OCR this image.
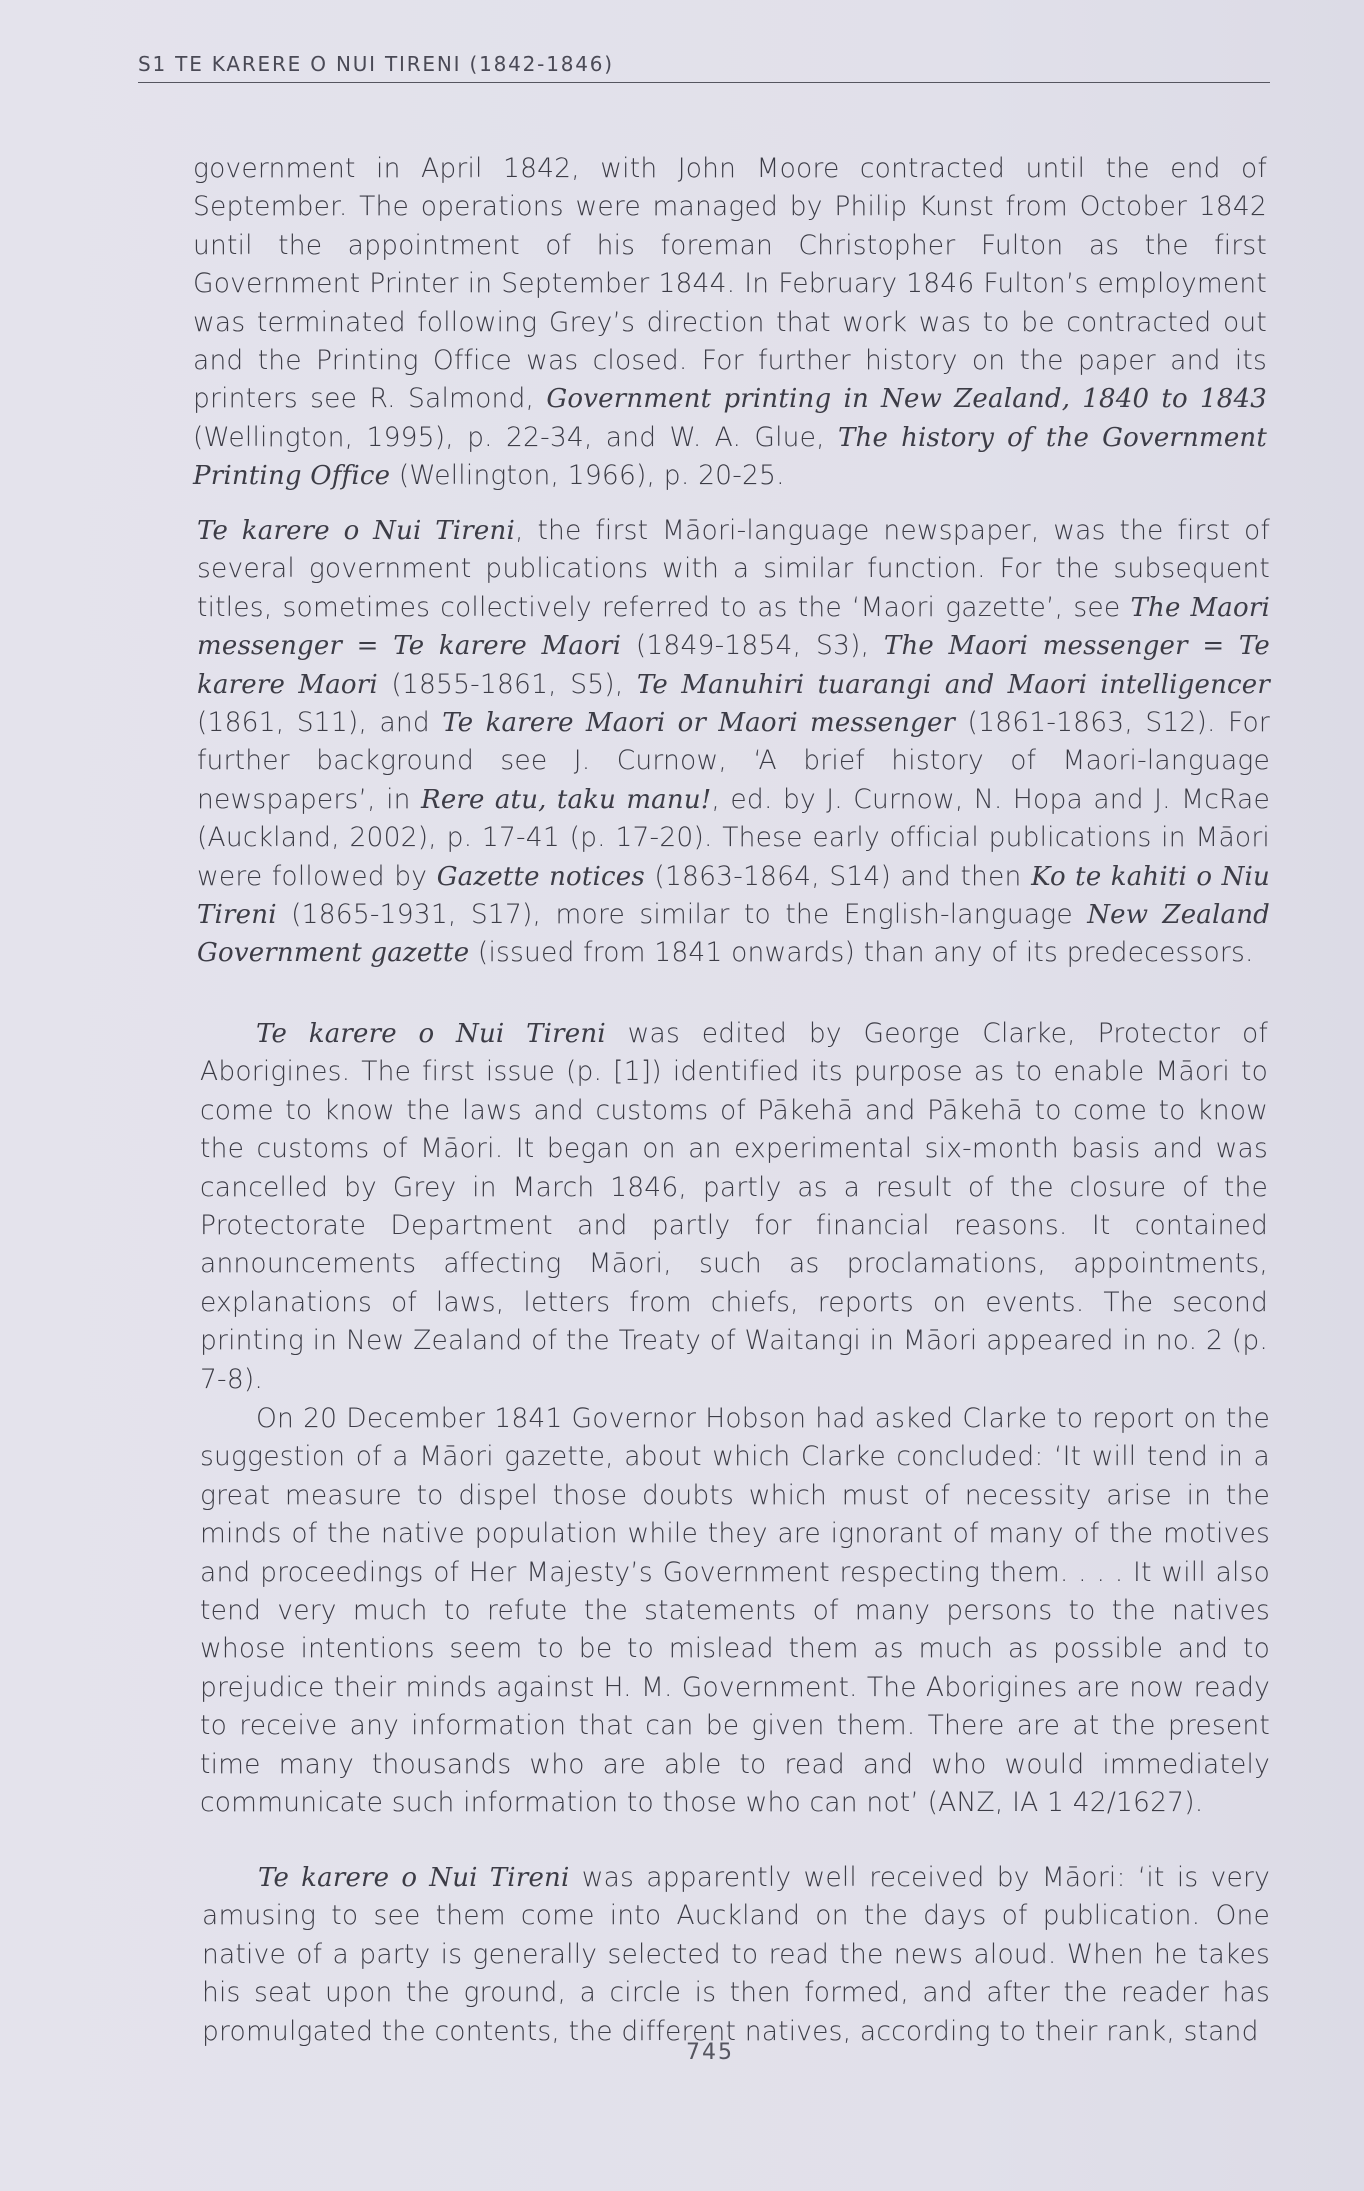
S1 TE KARERE O NUI TIRENI (1842-1846)
government in April 1842, with John Moore contracted until the end of September. The operations were managed by Philip Kunst from October 1842 until the appointment of his foreman Christopher Fulton as the first Government Printer in September 1844. In February 1846 Fulton’s employment was terminated following Grey’s direction that work was to be contracted out and the Printing Office was closed. For further history on the paper and its printers see R. Salmond, Government printing in New Zealand, 1840 to 1843 (Wellington, 1995), p. 22-34, and W. A. Glue, The history of the Government Printing Office (Wellington, 1966), p. 20-25.
Te karere o Nui Tireni, the first Māori-language newspaper, was the first of several government publications with a similar function. For the subsequent titles, sometimes collectively referred to as the ‘Maori gazette’, see The Maori messenger = Te karere Maori (1849-1854, S3), The Maori messenger = Te karere Maori (1855-1861, S5), Te Manuhiri tuarangi and Maori intelligencer (1861, S11), and Te karere Maori or Maori messenger (1861-1863, S12). For further background see J. Curnow, ‘A brief history of Maori-language newspapers’, in Rere atu, taku manu!, ed. by J. Curnow, N. Hopa and J. McRae (Auckland, 2002), p. 17-41 (p. 17-20). These early official publications in Māori were followed by Gazette notices (1863-1864, S14) and then Ko te kahiti o Niu Tireni (1865-1931, S17), more similar to the English-language New Zealand Government gazette (issued from 1841 onwards) than any of its predecessors.
Te karere o Nui Tireni was edited by George Clarke, Protector of Aborigines. The first issue (p. [1]) identified its purpose as to enable Māori to come to know the laws and customs of Pākehā and Pākehā to come to know the customs of Māori. It began on an experimental six-month basis and was cancelled by Grey in March 1846, partly as a result of the closure of the Protectorate Department and partly for financial reasons. It contained announcements affecting Māori, such as proclamations, appointments, explanations of laws, letters from chiefs, reports on events. The second printing in New Zealand of the Treaty of Waitangi in Māori appeared in no. 2 (p. 7-8).
On 20 December 1841 Governor Hobson had asked Clarke to report on the suggestion of a Māori gazette, about which Clarke concluded: ‘It will tend in a great measure to dispel those doubts which must of necessity arise in the minds of the native population while they are ignorant of many of the motives and proceedings of Her Majesty’s Government respecting them. . . . It will also tend very much to refute the statements of many persons to the natives whose intentions seem to be to mislead them as much as possible and to prejudice their minds against H. M. Government. The Aborigines are now ready to receive any information that can be given them. There are at the present time many thousands who are able to read and who would immediately communicate such information to those who can not’ (ANZ, IA 1 42/1627).
Te karere o Nui Tireni was apparently well received by Māori: ‘it is very amusing to see them come into Auckland on the days of publication. One native of a party is generally selected to read the news aloud. When he takes his seat upon the ground, a circle is then formed, and after the reader has promulgated the contents, the different natives, according to their rank, stand
745
